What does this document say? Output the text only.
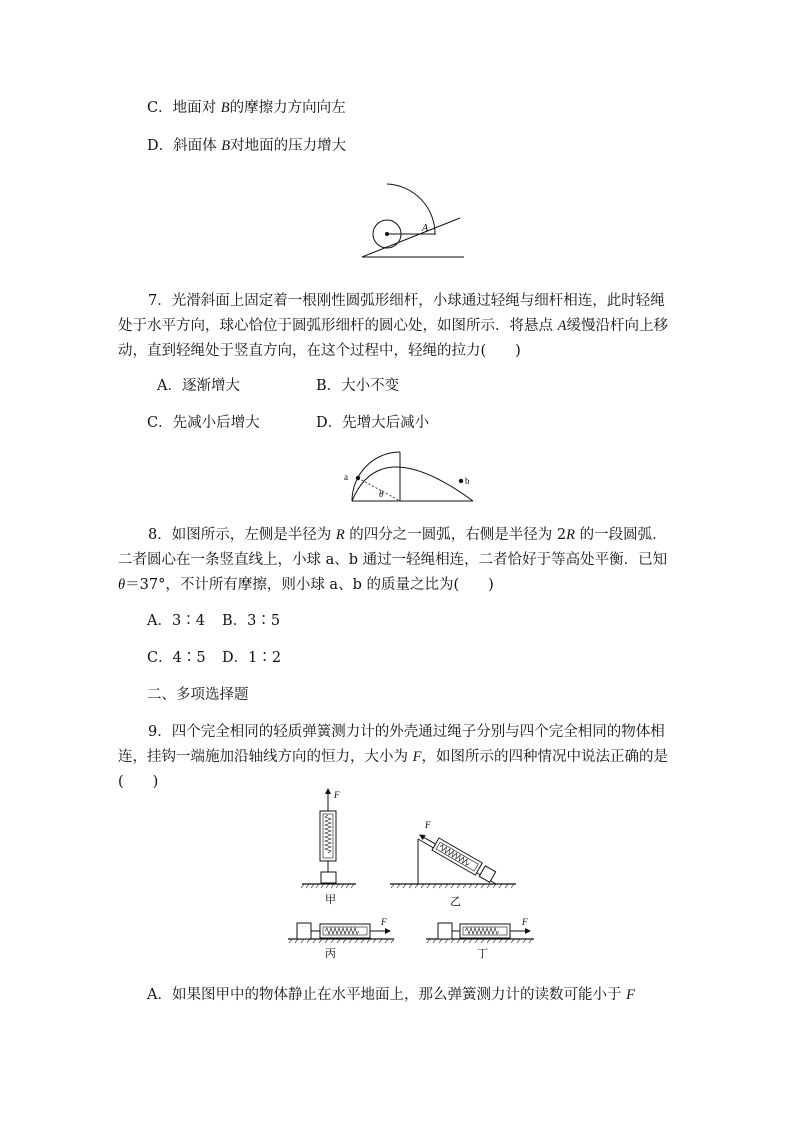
C．地面对 B的摩擦力方向向左
D．斜面体 B对地面的压力增大
A
7．光滑斜面上固定着一根刚性圆弧形细杆，小球通过轻绳与细杆相连，此时轻绳处于水平方向，球心恰位于圆弧形细杆的圆心处，如图所示．将悬点 A缓慢沿杆向上移动，直到轻绳处于竖直方向，在这个过程中，轻绳的拉力(　　)
A．逐渐增大	B．大小不变
C．先减小后增大	D．先增大后减小
a	b
θ
8．如图所示，左侧是半径为 R 的四分之一圆弧，右侧是半径为 2R 的一段圆弧．二者圆心在一条竖直线上，小球 a、b 通过一轻绳相连，二者恰好于等高处平衡．已知 θ＝37°，不计所有摩擦，则小球 a、b 的质量之比为(　　)
A．3∶4 B．3∶5
C．4∶5 D．1∶2
二、多项选择题
9．四个完全相同的轻质弹簧测力计的外壳通过绳子分别与四个完全相同的物体相连，挂钩一端施加沿轴线方向的恒力，大小为 F，如图所示的四种情况中说法正确的是(　　)
F
甲
F
乙
F
丙
F
丁
A．如果图甲中的物体静止在水平地面上，那么弹簧测力计的读数可能小于 F
